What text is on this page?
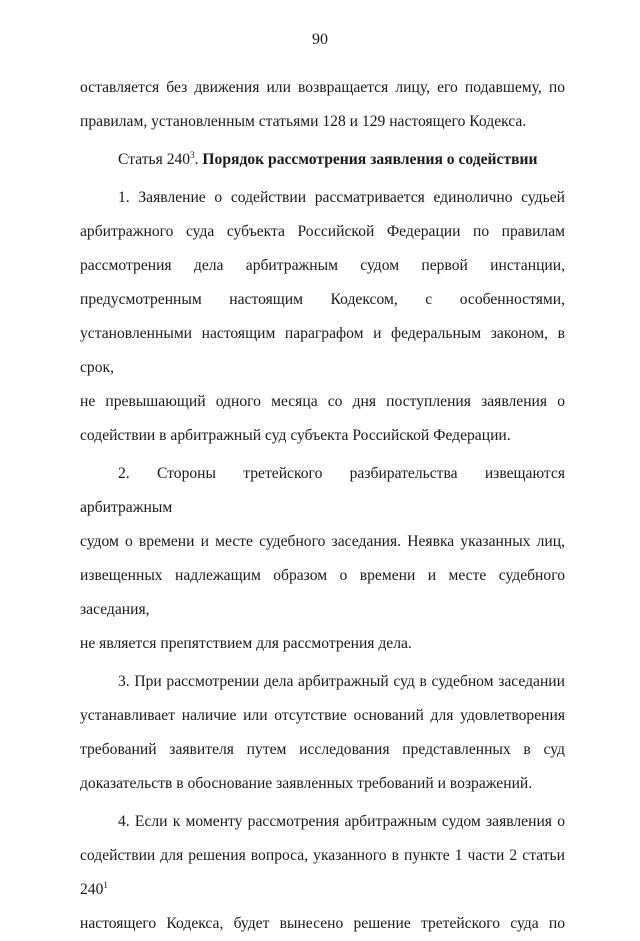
90

оставляется без движения или возвращается лицу, его подавшему, по

правилам, установленным статьями 128 и 129 настоящего Кодекса.

Статья $240^3$. Порядок рассмотрения заявления о содействии

1. Заявление о содействии рассматривается единолично судьей

арбитражного суда субъекта Российской Федерации по правилам

рассмотрения дела арбитражным судом первой инстанции,

предусмотренным настоящим Кодексом, с особенностями,

установленными настоящим параграфом и федеральным законом, в срок,

не превышающий одного месяца со дня поступления заявления о

содействии в арбитражный суд субъекта Российской Федерации.

2. Стороны третейского разбирательства извещаются арбитражным

судом о времени и месте судебного заседания. Неявка указанных лиц,

извещенных надлежащим образом о времени и месте судебного заседания,

не является препятствием для рассмотрения дела.

3. При рассмотрении дела арбитражный суд в судебном заседании

устанавливает наличие или отсутствие оснований для удовлетворения

требований заявителя путем исследования представленных в суд

доказательств в обоснование заявленных требований и возражений.

4. Если к моменту рассмотрения арбитражным судом заявления о

содействии для решения вопроса, указанного в пункте 1 части 2 статьи $240^1$

настоящего Кодекса, будет вынесено решение третейского суда по
